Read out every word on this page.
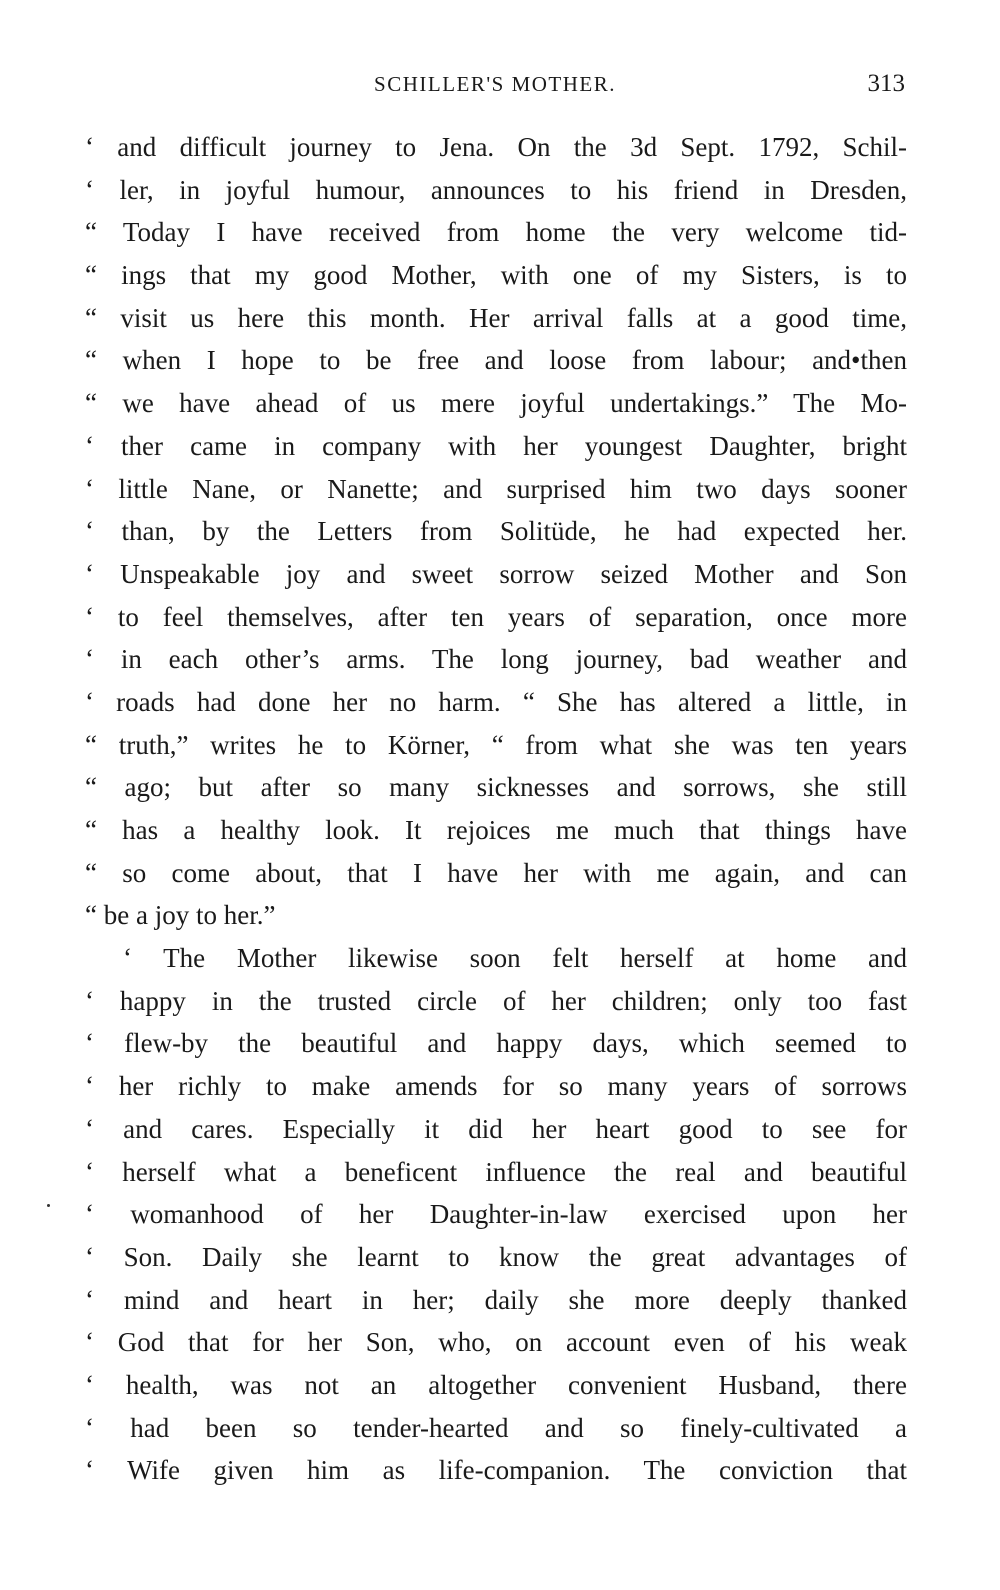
SCHILLER'S MOTHER.	313
‘ and difficult journey to Jena. On the 3d Sept. 1792, Schil-
‘ ler, in joyful humour, announces to his friend in Dresden,
“ Today I have received from home the very welcome tid-
“ ings that my good Mother, with one of my Sisters, is to
“ visit us here this month. Her arrival falls at a good time,
“ when I hope to be free and loose from labour; and•then
“ we have ahead of us mere joyful undertakings.” The Mo-
‘ ther came in company with her youngest Daughter, bright
‘ little Nane, or Nanette; and surprised him two days sooner
‘ than, by the Letters from Solitüde, he had expected her.
‘ Unspeakable joy and sweet sorrow seized Mother and Son
‘ to feel themselves, after ten years of separation, once more
‘ in each other’s arms. The long journey, bad weather and
‘ roads had done her no harm. “ She has altered a little, in
“ truth,” writes he to Körner, “ from what she was ten years
“ ago; but after so many sicknesses and sorrows, she still
“ has a healthy look. It rejoices me much that things have
“ so come about, that I have her with me again, and can
“ be a joy to her.”
‘ The Mother likewise soon felt herself at home and
‘ happy in the trusted circle of her children; only too fast
‘ flew-by the beautiful and happy days, which seemed to
‘ her richly to make amends for so many years of sorrows
‘ and cares. Especially it did her heart good to see for
‘ herself what a beneficent influence the real and beautiful
‘ womanhood of her Daughter-in-law exercised upon her
‘ Son. Daily she learnt to know the great advantages of
‘ mind and heart in her; daily she more deeply thanked
‘ God that for her Son, who, on account even of his weak
‘ health, was not an altogether convenient Husband, there
‘ had been so tender-hearted and so finely-cultivated a
‘ Wife given him as life-companion. The conviction that
